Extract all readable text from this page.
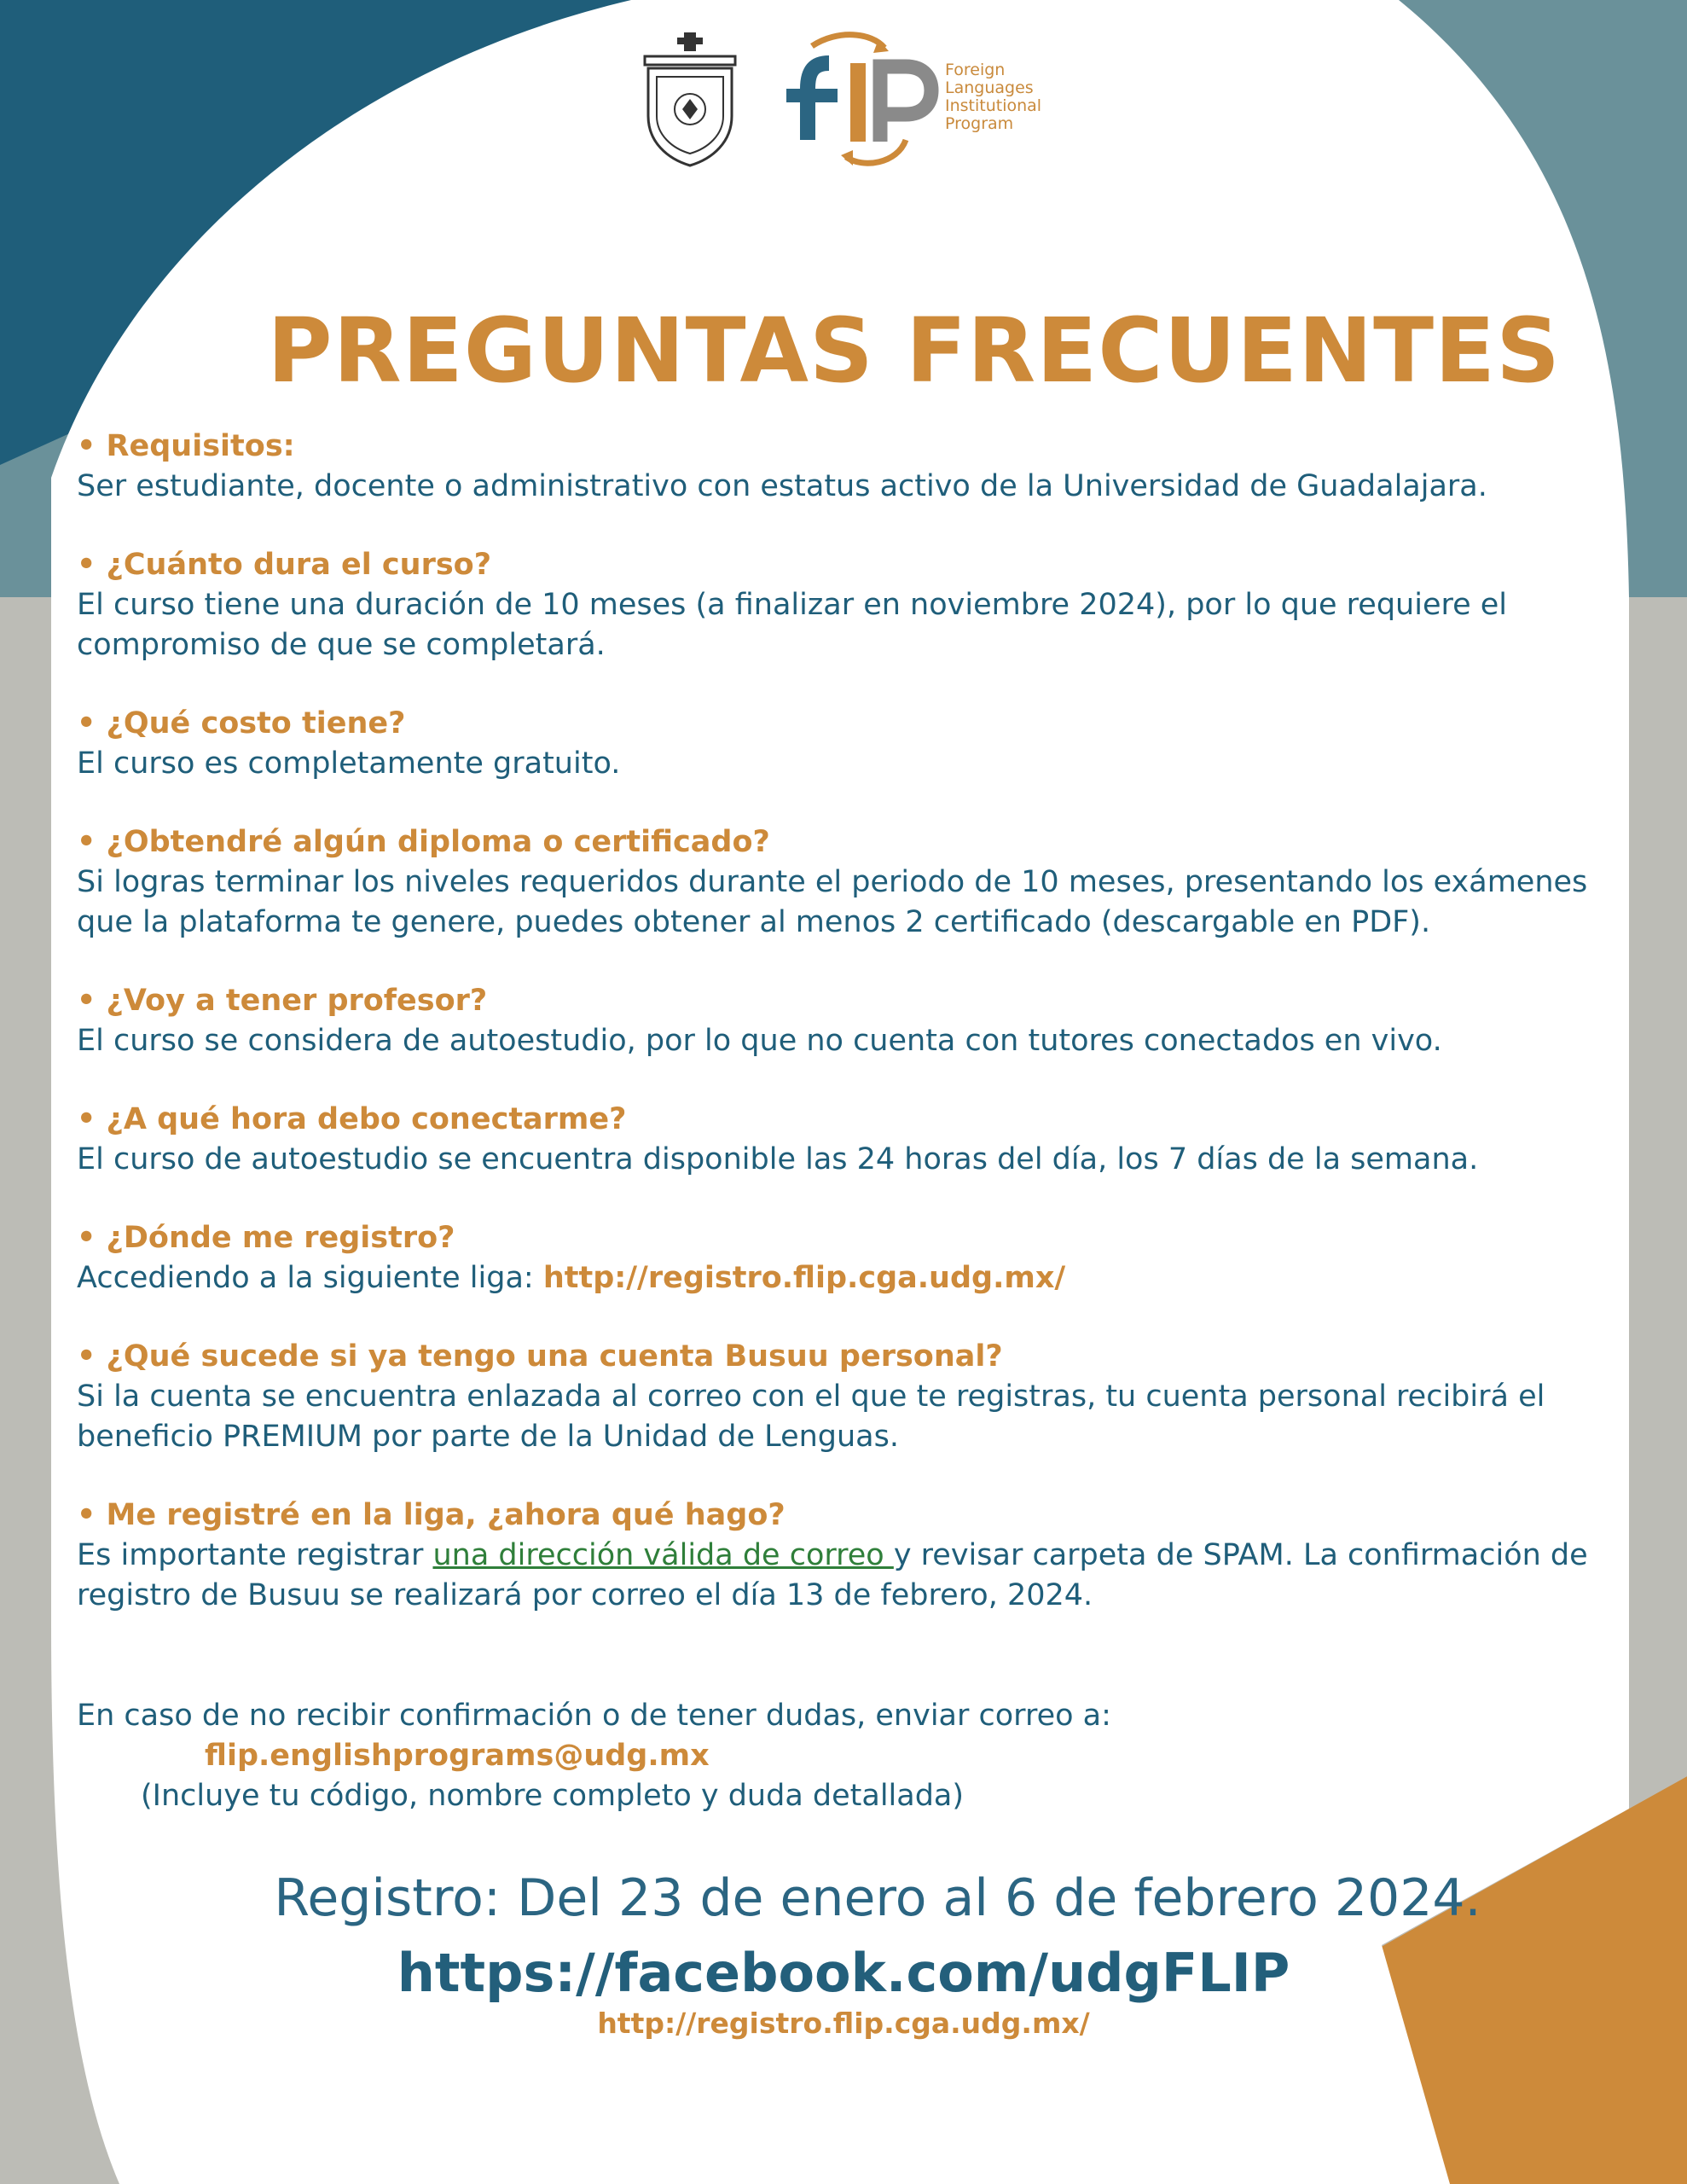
Foreign
Languages
Institutional
Program
PREGUNTAS FRECUENTES

• Requisitos:

Ser estudiante, docente o administrativo con estatus activo de la Universidad de Guadalajara.

• ¿Cuánto dura el curso?

El curso tiene una duración de 10 meses (a finalizar en noviembre 2024), por lo que requiere el compromiso de que se completará.

• ¿Qué costo tiene?

El curso es completamente gratuito.

• ¿Obtendré algún diploma o certificado?

Si logras terminar los niveles requeridos durante el periodo de 10 meses, presentando los exámenes que la plataforma te genere, puedes obtener al menos 2 certificado (descargable en PDF).

• ¿Voy a tener profesor?

El curso se considera de autoestudio, por lo que no cuenta con tutores conectados en vivo.

• ¿A qué hora debo conectarme?

El curso de autoestudio se encuentra disponible las 24 horas del día, los 7 días de la semana.

• ¿Dónde me registro?

Accediendo a la siguiente liga: http://registro.flip.cga.udg.mx/

• ¿Qué sucede si ya tengo una cuenta Busuu personal?

Si la cuenta se encuentra enlazada al correo con el que te registras, tu cuenta personal recibirá el beneficio PREMIUM por parte de la Unidad de Lenguas.

• Me registré en la liga, ¿ahora qué hago?

Es importante registrar una dirección válida de correo y revisar carpeta de SPAM. La confirmación de registro de Busuu se realizará por correo el día 13 de febrero, 2024.

En caso de no recibir confirmación o de tener dudas, enviar correo a:
flip.englishprograms@udg.mx
(Incluye tu código, nombre completo y duda detallada)
Registro: Del 23 de enero al 6 de febrero 2024.
https://facebook.com/udgFLIP
http://registro.flip.cga.udg.mx/
